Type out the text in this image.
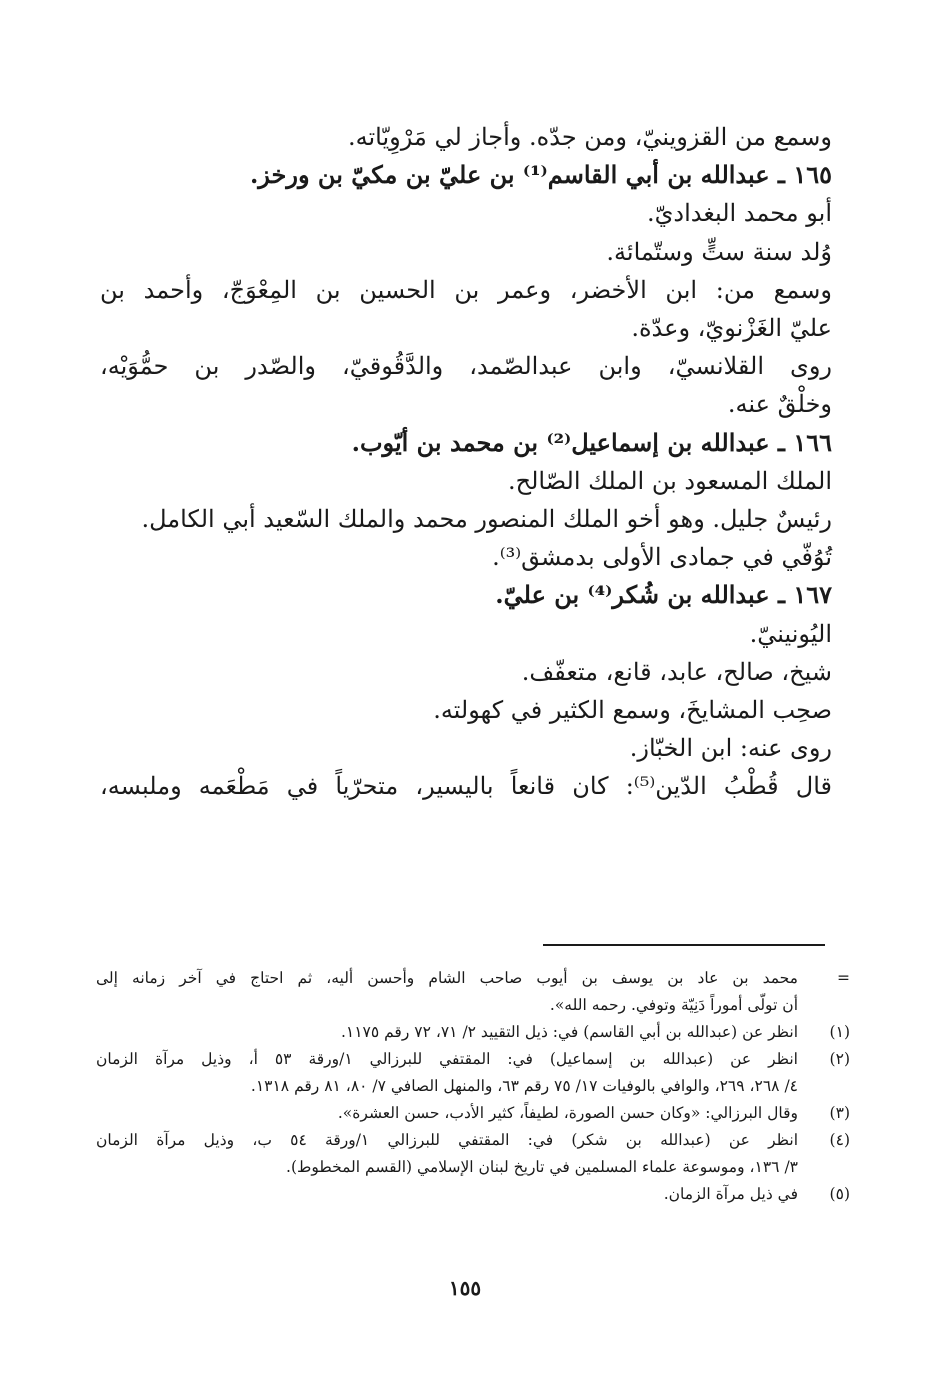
وسمع من القزوينيّ، ومن جدّه. وأجاز لي مَرْوِيّاته.
١٦٥ ـ عبدالله بن أبي القاسم⁽¹⁾ بن عليّ بن مكيّ بن ورخز.
أبو محمد البغداديّ.
وُلد سنة ستٍّ وستّمائة.
وسمع من: ابن الأخضر، وعمر بن الحسين بن المِعْوَجّ، وأحمد بن
عليّ الغَزْنويّ، وعدّة.
روى القلانسيّ، وابن عبدالصّمد، والدَّقُوقيّ، والصّدر بن حمُّوَيْه،
وخلْقٌ عنه.
١٦٦ ـ عبدالله بن إسماعيل⁽²⁾ بن محمد بن أيّوب.
الملك المسعود بن الملك الصّالح.
رئيسٌ جليل. وهو أخو الملك المنصور محمد والملك السّعيد أبي الكامل.
تُوُفّي في جمادى الأولى بدمشق⁽³⁾.
١٦٧ ـ عبدالله بن شُكر⁽⁴⁾ بن عليّ.
اليُونينيّ.
شيخ، صالح، عابد، قانع، متعفّف.
صحِب المشايخَ، وسمع الكثير في كهولته.
روى عنه: ابن الخبّاز.
قال قُطْبُ الدّين⁽⁵⁾: كان قانعاً باليسير، متحرّياً في مَطْعَمه وملبسه،
=
محمد بن عاد بن يوسف بن أيوب صاحب الشام وأحسن أليه، ثم احتاج في آخر زمانه إلى
أن تولّى أموراً دَنِيّة وتوفي. رحمه الله».
(١)
انظر عن (عبدالله بن أبي القاسم) في: ذيل التقييد ٢/ ٧١، ٧٢ رقم ١١٧٥.
(٢)
انظر عن (عبدالله بن إسماعيل) في: المقتفي للبرزالي ١/ورقة ٥٣ أ، وذيل مرآة الزمان
٤/ ٢٦٨، ٢٦٩، والوافي بالوفيات ١٧/ ٧٥ رقم ٦٣، والمنهل الصافي ٧/ ٨٠، ٨١ رقم ١٣١٨.
(٣)
وقال البرزالي: «وكان حسن الصورة، لطيفاً، كثير الأدب، حسن العشرة».
(٤)
انظر عن (عبدالله بن شكر) في: المقتفي للبرزالي ١/ورقة ٥٤ ب، وذيل مرآة الزمان
٣/ ١٣٦، وموسوعة علماء المسلمين في تاريخ لبنان الإسلامي (القسم المخطوط).
(٥)
في ذيل مرآة الزمان.
١٥٥
